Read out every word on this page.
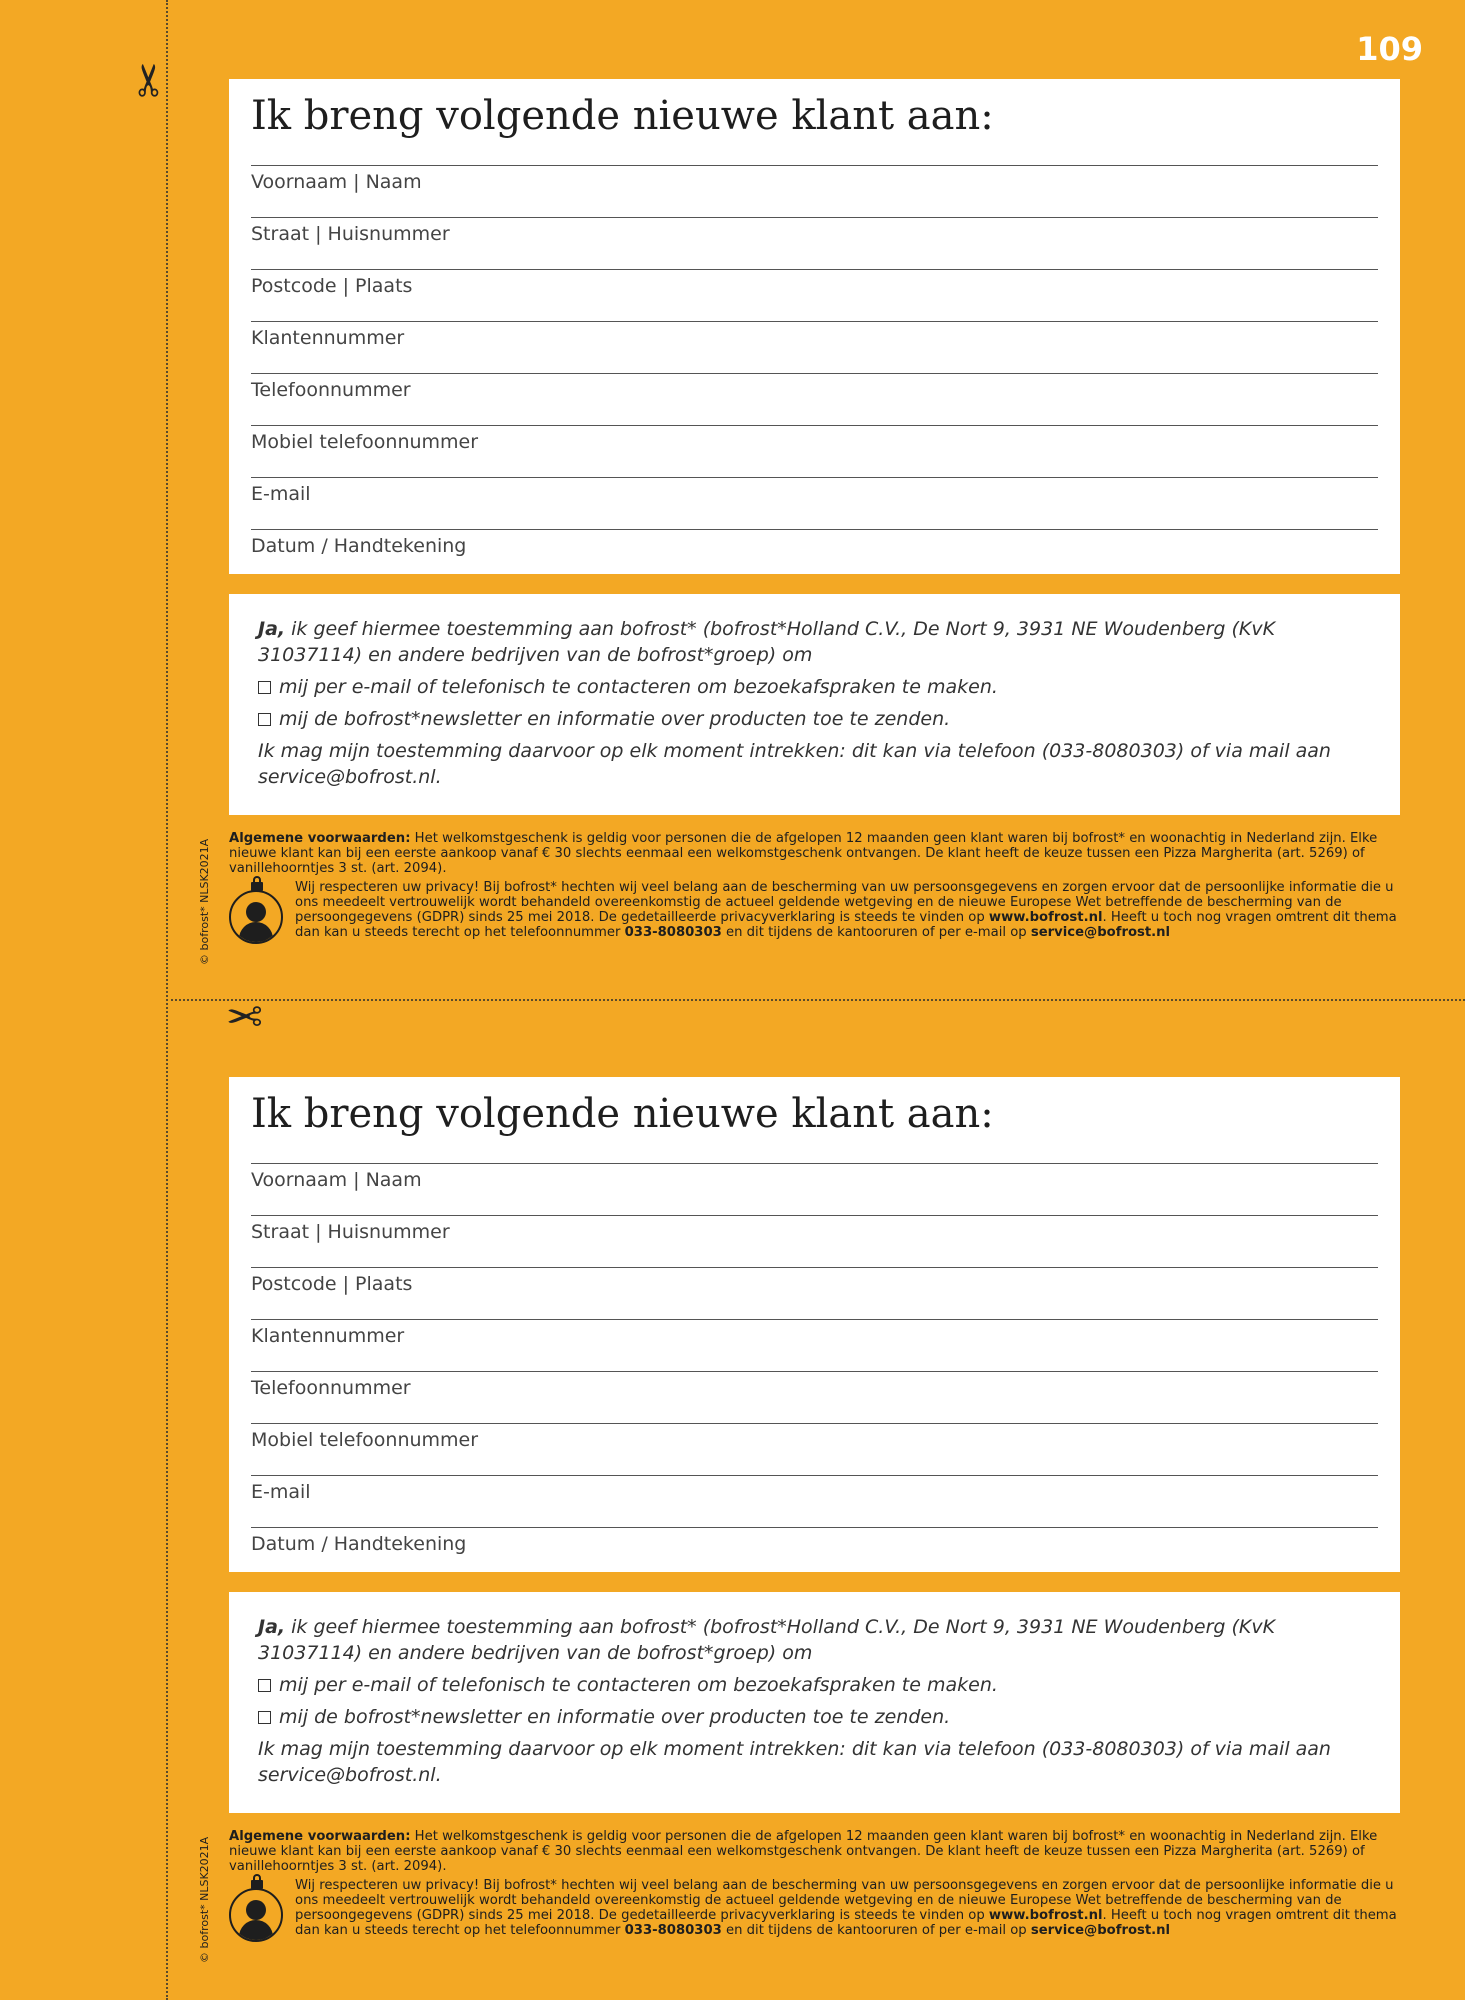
109
✂
✂
© bofrost* NLSK2021A
© bofrost* NLSK2021A
Ik breng volgende nieuwe klant aan:
Voornaam | Naam
Straat | Huisnummer
Postcode | Plaats
Klantennummer
Telefoonnummer
Mobiel telefoonnummer
E-mail
Datum / Handtekening
Ja, ik geef hiermee toestemming aan bofrost* (bofrost*Holland C.V., De Nort 9, 3931 NE Woudenberg (KvK 31037114) en andere bedrijven van de bofrost*groep) om
mij per e-mail of telefonisch te contacteren om bezoekafspraken te maken.
mij de bofrost*newsletter en informatie over producten toe te zenden.
Ik mag mijn toestemming daarvoor op elk moment intrekken: dit kan via telefoon (033-8080303) of via mail aan service@bofrost.nl.
Algemene voorwaarden: Het welkomstgeschenk is geldig voor personen die de afgelopen 12 maanden geen klant waren bij bofrost* en woonachtig in Nederland zijn. Elke nieuwe klant kan bij een eerste aankoop vanaf € 30 slechts eenmaal een welkomstgeschenk ontvangen. De klant heeft de keuze tussen een Pizza Margherita (art. 5269) of vanillehoorntjes 3 st. (art. 2094).
Wij respecteren uw privacy! Bij bofrost* hechten wij veel belang aan de bescherming van uw persoonsgegevens en zorgen ervoor dat de persoonlijke informatie die u ons meedeelt vertrouwelijk wordt behandeld overeenkomstig de actueel geldende wetgeving en de nieuwe Europese Wet betreffende de bescherming van de persoongegevens (GDPR) sinds 25 mei 2018. De gedetailleerde privacyverklaring is steeds te vinden op www.bofrost.nl. Heeft u toch nog vragen omtrent dit thema dan kan u steeds terecht op het telefoonnummer 033-8080303 en dit tijdens de kantooruren of per e-mail op service@bofrost.nl
Ik breng volgende nieuwe klant aan:
Voornaam | Naam
Straat | Huisnummer
Postcode | Plaats
Klantennummer
Telefoonnummer
Mobiel telefoonnummer
E-mail
Datum / Handtekening
Ja, ik geef hiermee toestemming aan bofrost* (bofrost*Holland C.V., De Nort 9, 3931 NE Woudenberg (KvK 31037114) en andere bedrijven van de bofrost*groep) om
mij per e-mail of telefonisch te contacteren om bezoekafspraken te maken.
mij de bofrost*newsletter en informatie over producten toe te zenden.
Ik mag mijn toestemming daarvoor op elk moment intrekken: dit kan via telefoon (033-8080303) of via mail aan service@bofrost.nl.
Algemene voorwaarden: Het welkomstgeschenk is geldig voor personen die de afgelopen 12 maanden geen klant waren bij bofrost* en woonachtig in Nederland zijn. Elke nieuwe klant kan bij een eerste aankoop vanaf € 30 slechts eenmaal een welkomstgeschenk ontvangen. De klant heeft de keuze tussen een Pizza Margherita (art. 5269) of vanillehoorntjes 3 st. (art. 2094).
Wij respecteren uw privacy! Bij bofrost* hechten wij veel belang aan de bescherming van uw persoonsgegevens en zorgen ervoor dat de persoonlijke informatie die u ons meedeelt vertrouwelijk wordt behandeld overeenkomstig de actueel geldende wetgeving en de nieuwe Europese Wet betreffende de bescherming van de persoongegevens (GDPR) sinds 25 mei 2018. De gedetailleerde privacyverklaring is steeds te vinden op www.bofrost.nl. Heeft u toch nog vragen omtrent dit thema dan kan u steeds terecht op het telefoonnummer 033-8080303 en dit tijdens de kantooruren of per e-mail op service@bofrost.nl
